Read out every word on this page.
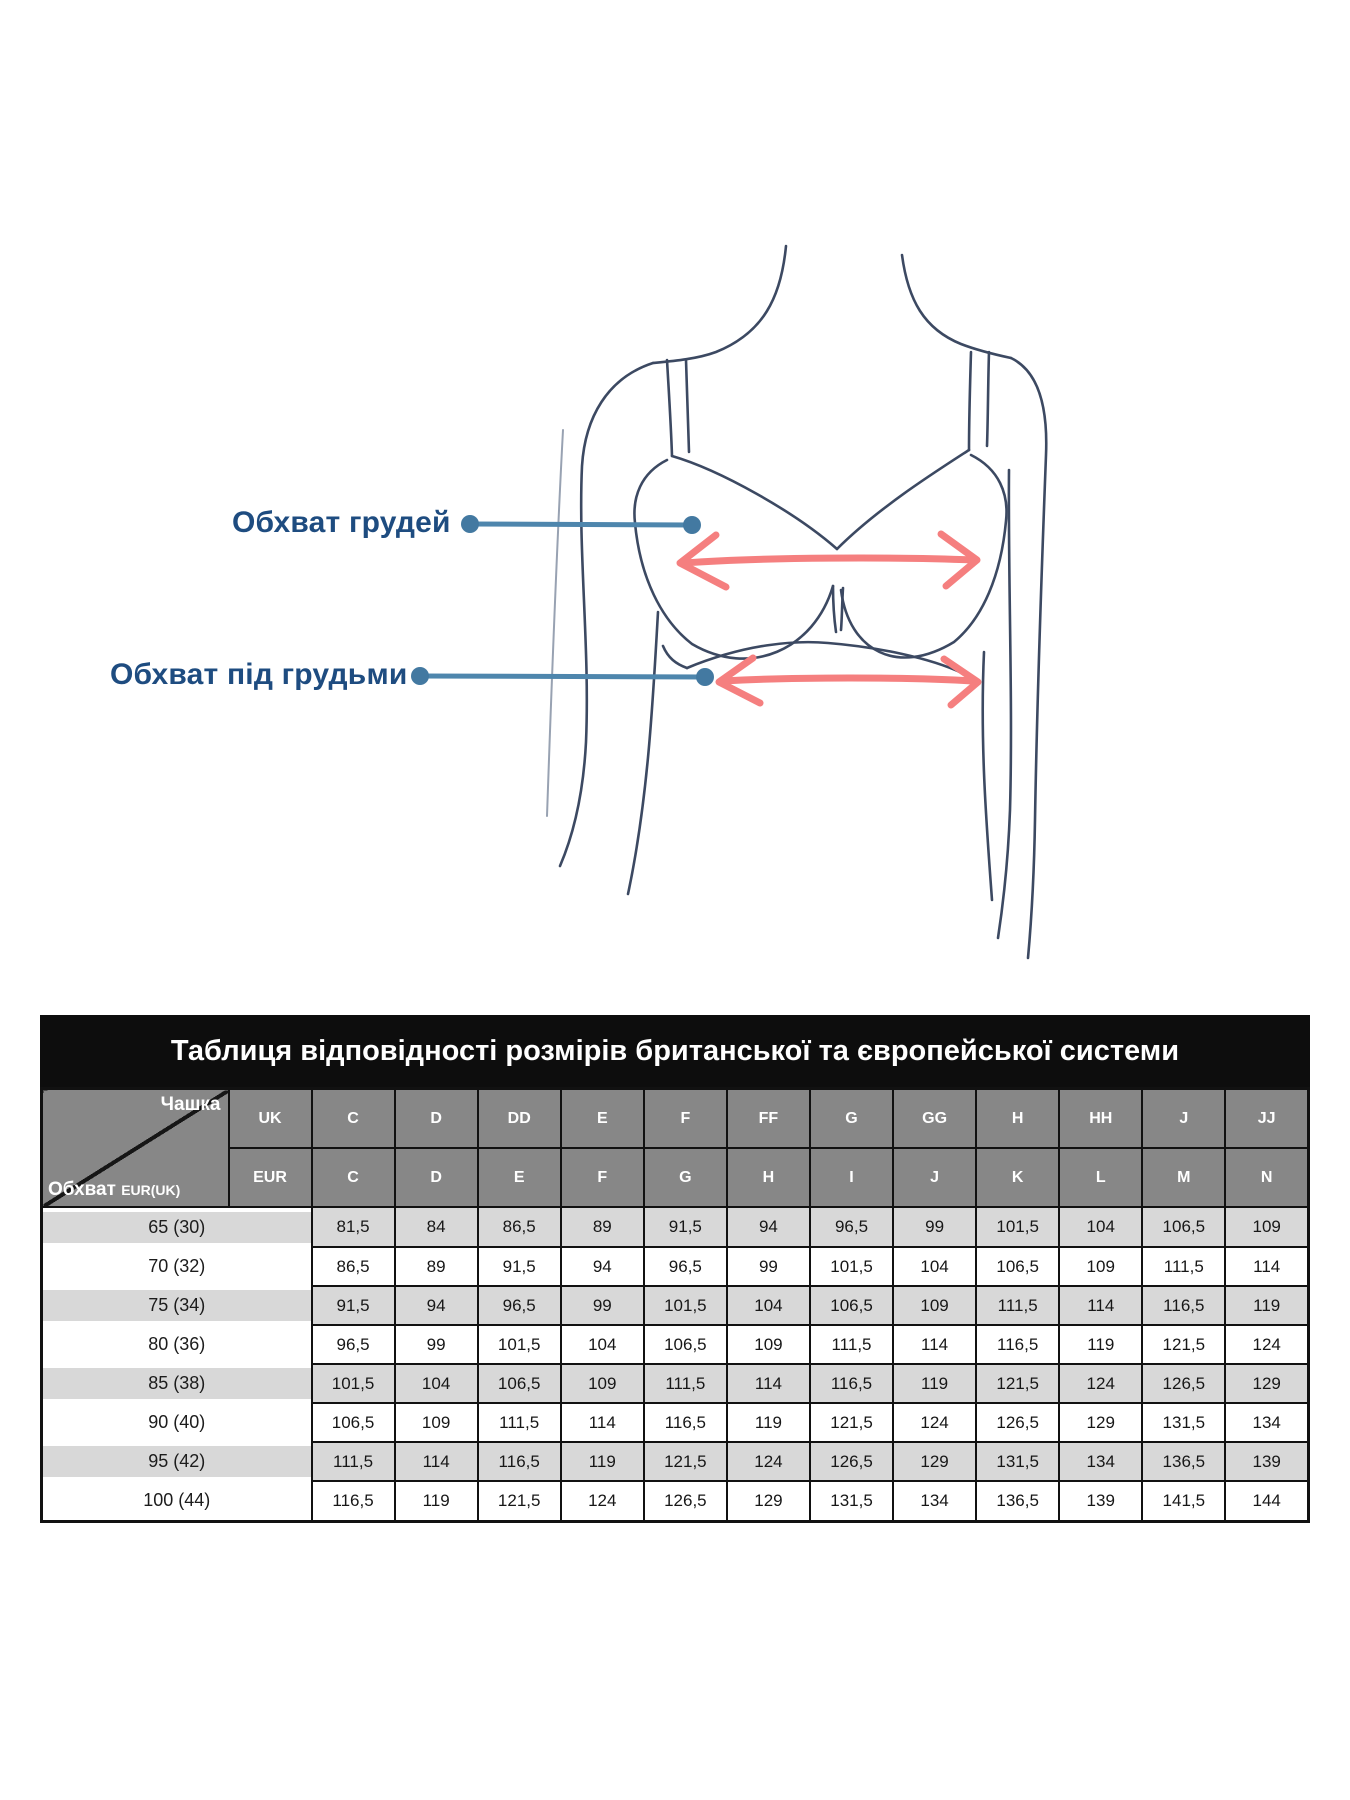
Обхват грудей
Обхват під грудьми
Таблиця відповідності розмірів британської та європейської системи
Чашка
Обхват EUR(UK)	UK	C	D	DD	E	F	FF	G	GG	H	HH	J	JJ
	EUR	C	D	E	F	G	H	I	J	K	L	M	N

65 (30)		81,5	84	86,5	89	91,5	94	96,5	99	101,5	104	106,5	109

70 (32)		86,5	89	91,5	94	96,5	99	101,5	104	106,5	109	111,5	114

75 (34)		91,5	94	96,5	99	101,5	104	106,5	109	111,5	114	116,5	119

80 (36)		96,5	99	101,5	104	106,5	109	111,5	114	116,5	119	121,5	124

85 (38)		101,5	104	106,5	109	111,5	114	116,5	119	121,5	124	126,5	129

90 (40)		106,5	109	111,5	114	116,5	119	121,5	124	126,5	129	131,5	134

95 (42)		111,5	114	116,5	119	121,5	124	126,5	129	131,5	134	136,5	139

100 (44)		116,5	119	121,5	124	126,5	129	131,5	134	136,5	139	141,5	144
